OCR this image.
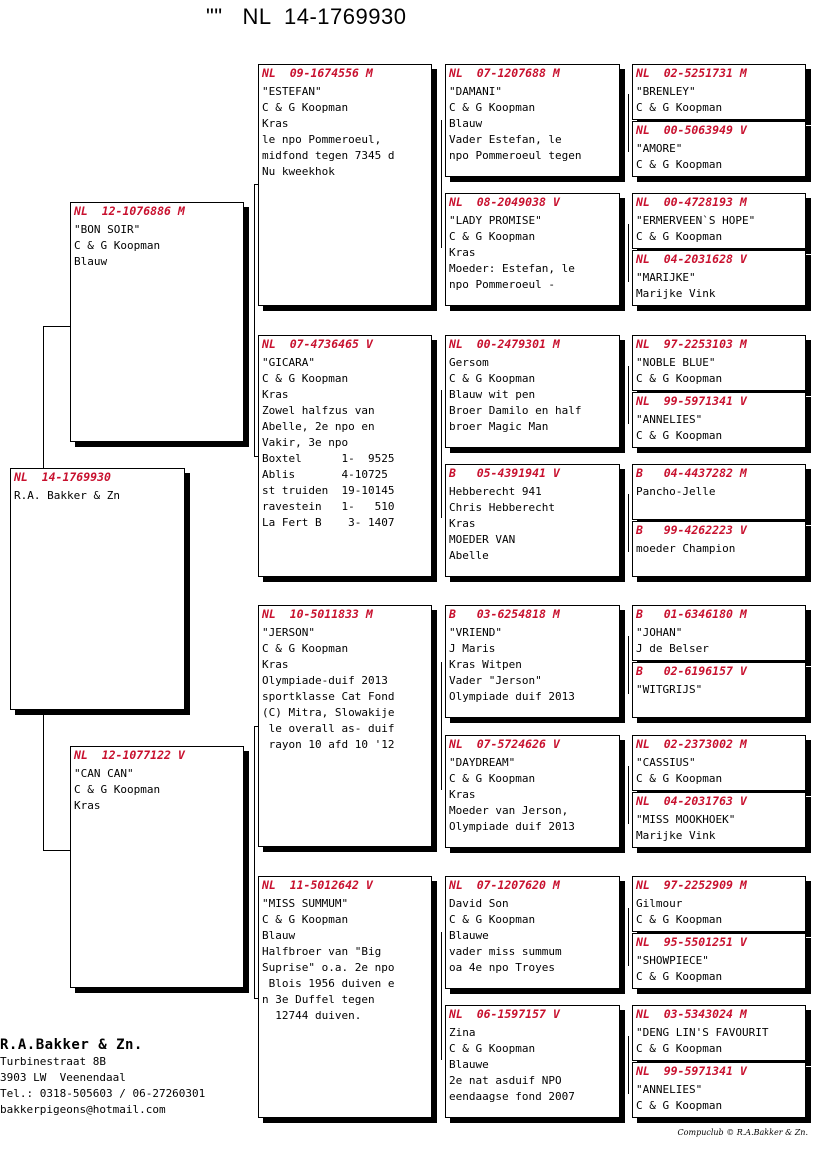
""   NL  14-1769930
NL  14-1769930
R.A. Bakker & Zn
NL  12-1076886 M
"BON SOIR"
C & G Koopman
Blauw
NL  12-1077122 V
"CAN CAN"
C & G Koopman
Kras
NL  09-1674556 M
"ESTEFAN"
C & G Koopman
Kras
le npo Pommeroeul,
midfond tegen 7345 d
Nu kweekhok
NL  07-4736465 V
"GICARA"
C & G Koopman
Kras
Zowel halfzus van
Abelle, 2e npo en
Vakir, 3e npo
Boxtel      1-  9525
Ablis       4-10725
st truiden  19-10145
ravestein   1-   510
La Fert B    3- 1407
NL  10-5011833 M
"JERSON"
C & G Koopman
Kras
Olympiade-duif 2013
sportklasse Cat Fond
(C) Mitra, Slowakije
le overall as- duif
rayon 10 afd 10 '12
NL  11-5012642 V
"MISS SUMMUM"
C & G Koopman
Blauw
Halfbroer van "Big
Suprise" o.a. 2e npo
Blois 1956 duiven e
n 3e Duffel tegen
12744 duiven.
NL  07-1207688 M
"DAMANI"
C & G Koopman
Blauw
Vader Estefan, le
npo Pommeroeul tegen
NL  08-2049038 V
"LADY PROMISE"
C & G Koopman
Kras
Moeder: Estefan, le
npo Pommeroeul -
NL  00-2479301 M
Gersom
C & G Koopman
Blauw wit pen
Broer Damilo en half
broer Magic Man
B   05-4391941 V
Hebberecht 941
Chris Hebberecht
Kras
MOEDER VAN
Abelle
B   03-6254818 M
"VRIEND"
J Maris
Kras Witpen
Vader "Jerson"
Olympiade duif 2013
NL  07-5724626 V
"DAYDREAM"
C & G Koopman
Kras
Moeder van Jerson,
Olympiade duif 2013
NL  07-1207620 M
David Son
C & G Koopman
Blauwe
vader miss summum
oa 4e npo Troyes
NL  06-1597157 V
Zina
C & G Koopman
Blauwe
2e nat asduif NPO
eendaagse fond 2007
NL  02-5251731 M
"BRENLEY"
C & G Koopman
NL  00-5063949 V
"AMORE"
C & G Koopman
NL  00-4728193 M
"ERMERVEEN`S HOPE"
C & G Koopman
NL  04-2031628 V
"MARIJKE"
Marijke Vink
NL  97-2253103 M
"NOBLE BLUE"
C & G Koopman
NL  99-5971341 V
"ANNELIES"
C & G Koopman
B   04-4437282 M
Pancho-Jelle
B   99-4262223 V
moeder Champion
B   01-6346180 M
"JOHAN"
J de Belser
B   02-6196157 V
"WITGRIJS"
NL  02-2373002 M
"CASSIUS"
C & G Koopman
NL  04-2031763 V
"MISS MOOKHOEK"
Marijke Vink
NL  97-2252909 M
Gilmour
C & G Koopman
NL  95-5501251 V
"SHOWPIECE"
C & G Koopman
NL  03-5343024 M
"DENG LIN'S FAVOURIT
C & G Koopman
NL  99-5971341 V
"ANNELIES"
C & G Koopman
R.A.Bakker & Zn.
Turbinestraat 8B
3903 LW  Veenendaal
Tel.: 0318-505603 / 06-27260301
bakkerpigeons@hotmail.com
Compuclub © R.A.Bakker & Zn.
